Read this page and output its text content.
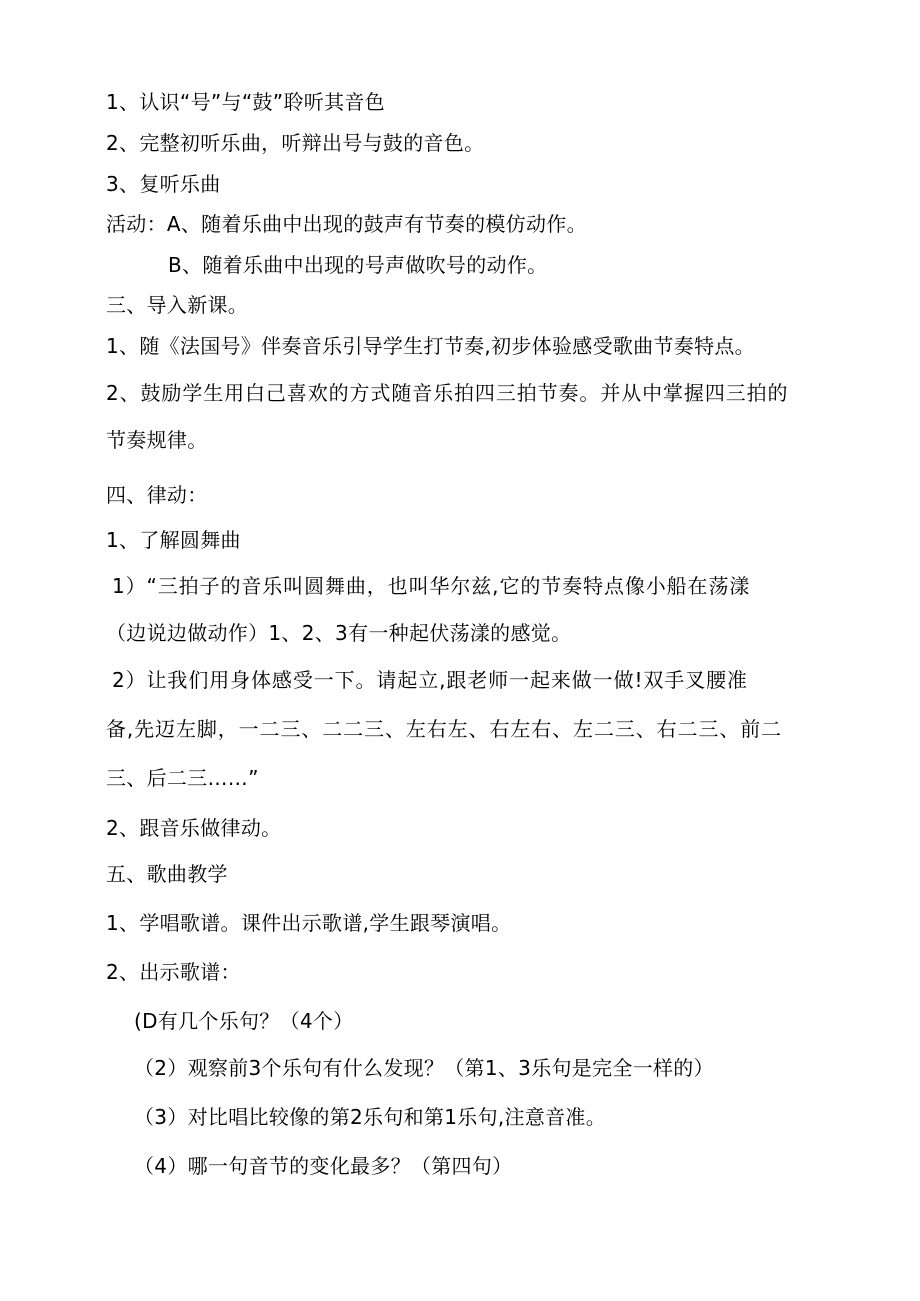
1、认识“号”与“鼓”聆听其音色
2、完整初听乐曲，听辩出号与鼓的音色。
3、复听乐曲
活动：A、随着乐曲中出现的鼓声有节奏的模仿动作。
B、随着乐曲中出现的号声做吹号的动作。
三、导入新课。
1、随《法国号》伴奏音乐引导学生打节奏,初步体验感受歌曲节奏特点。
2、鼓励学生用白己喜欢的方式随音乐拍四三拍节奏。并从中掌握四三拍的
节奏规律。
四、律动：
1、了解圆舞曲
1）“三拍子的音乐叫圆舞曲，也叫华尔兹,它的节奏特点像小船在荡漾
（边说边做动作）1、2、3有一种起伏荡漾的感觉。
2）让我们用身体感受一下。请起立,跟老师一起来做一做!双手叉腰准
备,先迈左脚，一二三、二二三、左右左、右左右、左二三、右二三、前二
三、后二三……”
2、跟音乐做律动。
五、歌曲教学
1、学唱歌谱。课件出示歌谱,学生跟琴演唱。
2、出示歌谱：
(D有几个乐句？（4个）
（2）观察前3个乐句有什么发现？（第1、3乐句是完全一样的）
（3）对比唱比较像的第2乐句和第1乐句,注意音准。
（4）哪一句音节的变化最多？（第四句）
